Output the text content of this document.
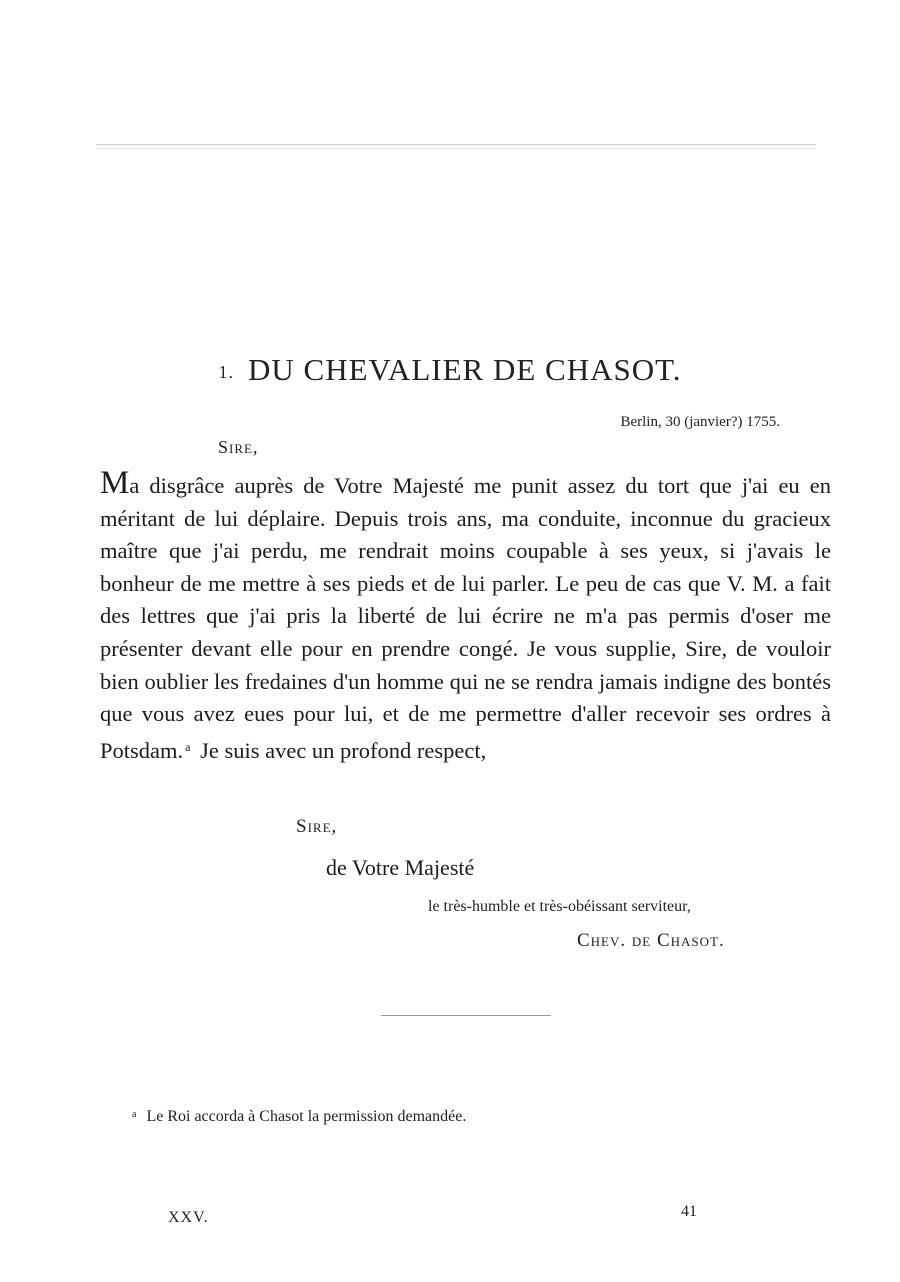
1. DU CHEVALIER DE CHASOT.
Berlin, 30 (janvier?) 1755.
Sire,
Ma disgrâce auprès de Votre Majesté me punit assez du tort que j'ai eu en méritant de lui déplaire. Depuis trois ans, ma conduite, inconnue du gracieux maître que j'ai perdu, me rendrait moins coupable à ses yeux, si j'avais le bonheur de me mettre à ses pieds et de lui parler. Le peu de cas que V. M. a fait des lettres que j'ai pris la liberté de lui écrire ne m'a pas permis d'oser me présenter devant elle pour en prendre congé. Je vous supplie, Sire, de vouloir bien oublier les fredaines d'un homme qui ne se rendra jamais indigne des bontés que vous avez eues pour lui, et de me permettre d'aller recevoir ses ordres à Potsdam. $^a$ Je suis avec un profond respect,
Sire,
de Votre Majesté
le très-humble et très-obéissant serviteur,
Chev. de Chasot.
$^a$ Le Roi accorda à Chasot la permission demandée.
XXV.	41
